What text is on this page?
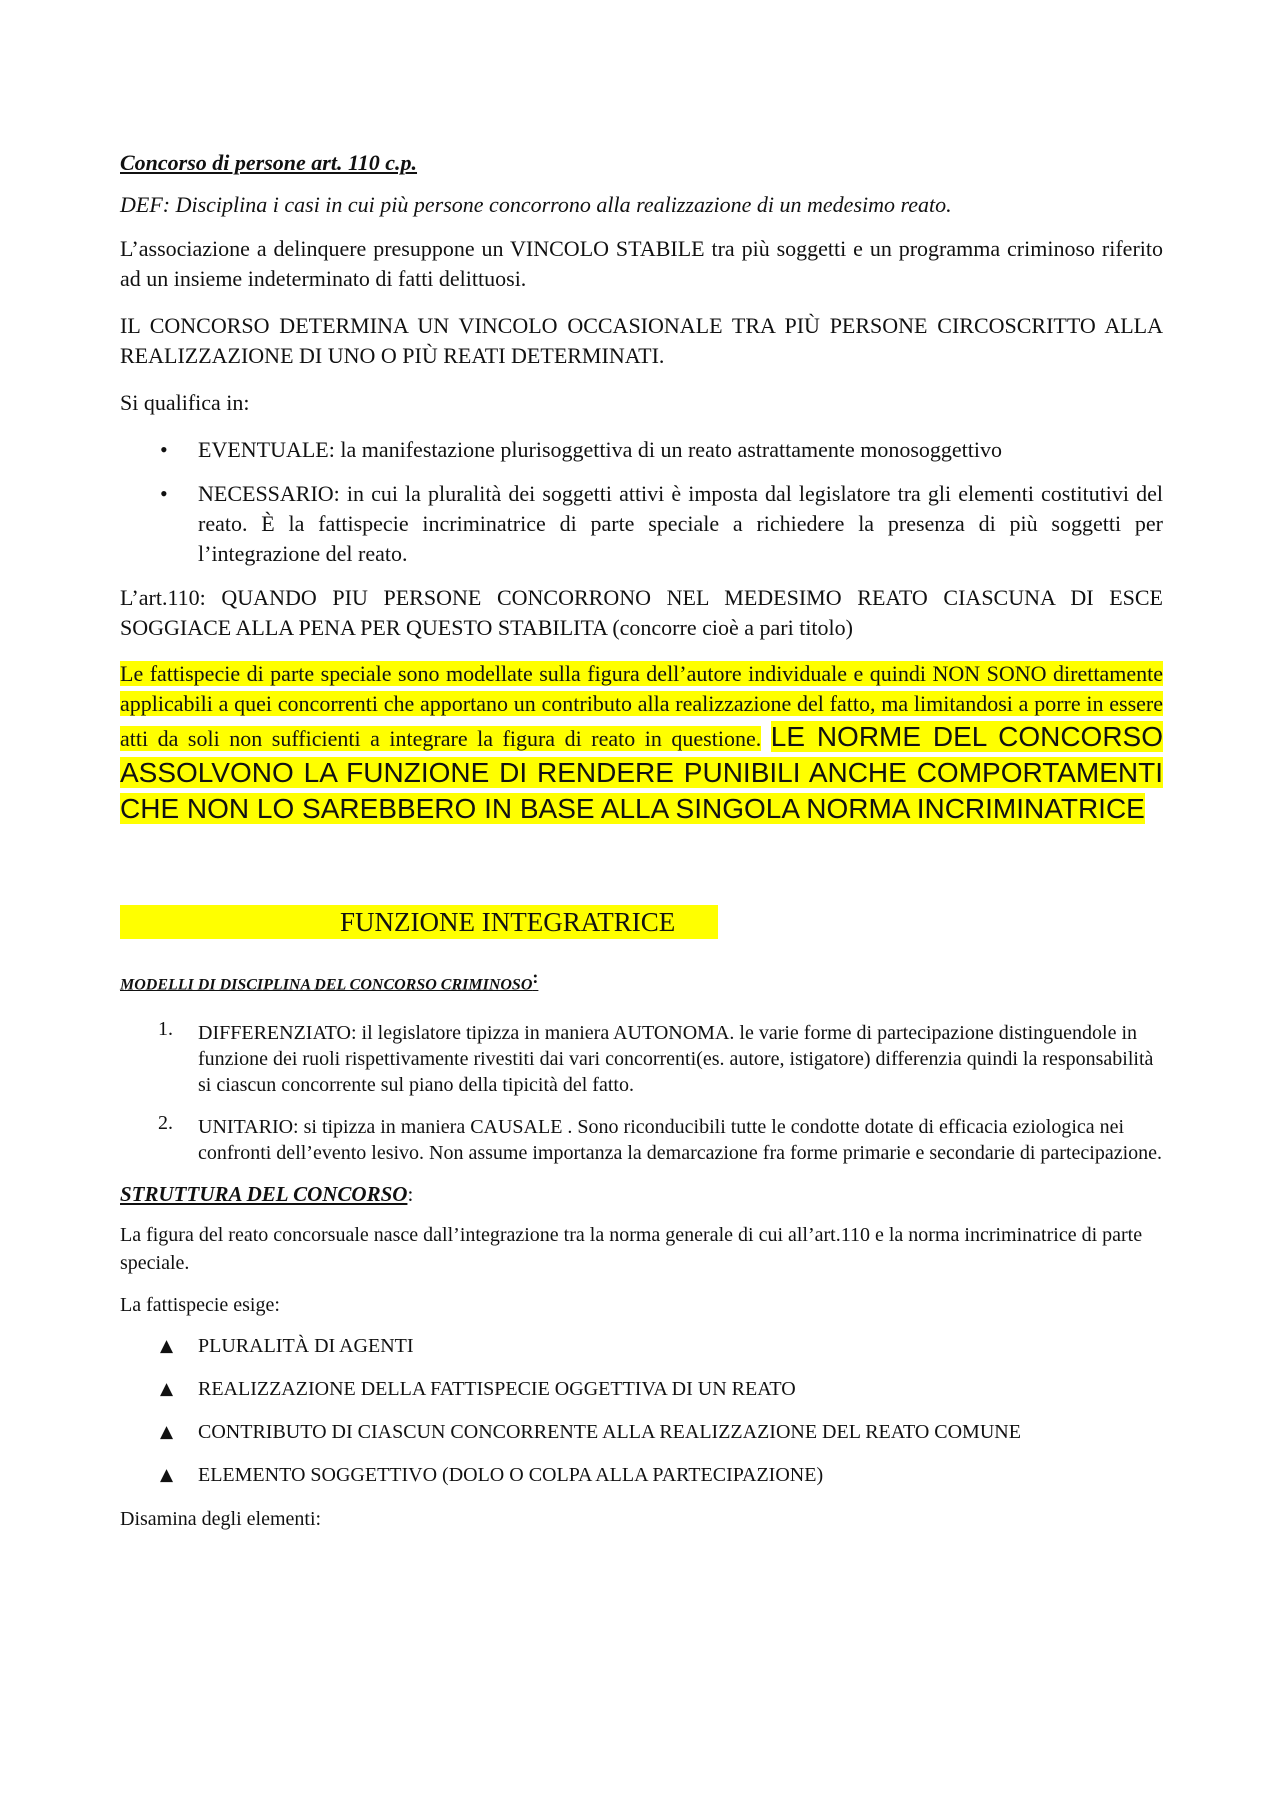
Concorso di persone art. 110 c.p.

DEF: Disciplina i casi in cui più persone concorrono alla realizzazione di un medesimo reato.

L’associazione a delinquere presuppone un VINCOLO STABILE tra più soggetti e un programma criminoso riferito ad un insieme indeterminato di fatti delittuosi.

IL CONCORSO DETERMINA UN VINCOLO OCCASIONALE TRA PIÙ PERSONE CIRCOSCRITTO ALLA REALIZZAZIONE DI UNO O PIÙ REATI DETERMINATI.

Si qualifica in:

• EVENTUALE: la manifestazione plurisoggettiva di un reato astrattamente monosoggettivo
• NECESSARIO: in cui la pluralità dei soggetti attivi è imposta dal legislatore tra gli elementi costitutivi del reato. È la fattispecie incriminatrice di parte speciale a richiedere la presenza di più soggetti per l’integrazione del reato.

L’art.110: QUANDO PIU PERSONE CONCORRONO NEL MEDESIMO REATO CIASCUNA DI ESCE SOGGIACE ALLA PENA PER QUESTO STABILITA (concorre cioè a pari titolo)

Le fattispecie di parte speciale sono modellate sulla figura dell’autore individuale e quindi NON SONO direttamente applicabili a quei concorrenti che apportano un contributo alla realizzazione del fatto, ma limitandosi a porre in essere atti da soli non sufficienti a integrare la figura di reato in questione. LE NORME DEL CONCORSO ASSOLVONO LA FUNZIONE DI RENDERE PUNIBILI ANCHE COMPORTAMENTI CHE NON LO SAREBBERO IN BASE ALLA SINGOLA NORMA INCRIMINATRICE

FUNZIONE INTEGRATRICE

MODELLI DI DISCIPLINA DEL CONCORSO CRIMINOSO:

1. DIFFERENZIATO: il legislatore tipizza in maniera AUTONOMA. le varie forme di partecipazione distinguendole in funzione dei ruoli rispettivamente rivestiti dai vari concorrenti(es. autore, istigatore) differenzia quindi la responsabilità si ciascun concorrente sul piano della tipicità del fatto.
2. UNITARIO: si tipizza in maniera CAUSALE . Sono riconducibili tutte le condotte dotate di efficacia eziologica nei confronti dell’evento lesivo. Non assume importanza la demarcazione fra forme primarie e secondarie di partecipazione.

STRUTTURA DEL CONCORSO:

La figura del reato concorsuale nasce dall’integrazione tra la norma generale di cui all’art.110 e la norma incriminatrice di parte speciale.

La fattispecie esige:

▲ PLURALITÀ DI AGENTI
▲ REALIZZAZIONE DELLA FATTISPECIE OGGETTIVA DI UN REATO
▲ CONTRIBUTO DI CIASCUN CONCORRENTE ALLA REALIZZAZIONE DEL REATO COMUNE
▲ ELEMENTO SOGGETTIVO (DOLO O COLPA ALLA PARTECIPAZIONE)

Disamina degli elementi:
